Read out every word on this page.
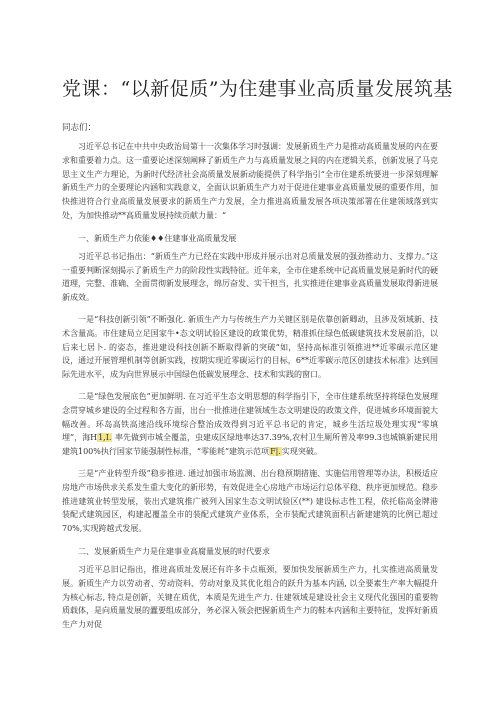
党课：“以新促质”为住建事业高质量发展筑基

同志们：

习近平总书记在中共中央政治局第十一次集体学习时强调：发展新质生产力是推动高质量发展的内在要求和重要着力点。这一重要论述深刻阐释了新质生产力与高质量发展之间的内在逻辑关系，创新发展了马克思主义生产力理论，为新时代经济社会高质量发展新动能提供了科学指引“全市住建系统要进一步深刻理解新质生产力的全要理论内涵和实践意义，全面认识新质生产力对于促进住建事业高质量发展的重要作用，加快推进符合行业高质量发展要求的新质生产力发展，全力推进高质量发展各项决策部署在住建领域落到实处，为加快推动**高质量发展持续贡献力量：“

一、新质生产力依能♦♦住建事业高质量发展

习近平总书记指出：“新质生产力已经在实践中形成并展示出对总质量发展的强劲推动力、支撑力。”这一重要判断深刻揭示了新质生产力的阶段性实践特征。近年来，全市住建系统中记高质量发展是新时代的硬道理，完整、准确、全面贯彻新发展理念，绵厉奋发、实干担当，扎实推进住建事业高质量发展取得新进展新成效。

一是“科技创新引领”不断强化. 新质生产力与传统生产力关键区别是依靠创新卿动，且涉及领域新、技术含量高。市住建局立足国家牛•态文明试验区建设的政策优势，精准抓住绿色低碳建筑技术发展前沿，以后来七居卜. 的姿态，推进建设科技创新不断取得新的突破“如，坚持高标准引领推进**近零碳示范区建设，通过开展管理机制等创新实践，按期实现近零碳运行的目标，6**近零碳示范区创建技术标准》达到国际先进水平，成为向世界展示中国绿色低碳发展理念、技术和实践的窗口。

二是“绿色发展底色”更加鲜明. 在习近平生态文明思想的科学指引下，全市住建系统坚持将绿色发展理念贯穿城乡建设的全过程和各方面，出台一批推进住建领域生态文明建设的政策文件，促进城乡环境面貌大幅改善。环岛高铁高速沿线环境综合整治成效得到习近平总书记的肯定，城乡生活垃圾处理实现“零填埋”，海H1,I. 率先做到市城全覆盖，虫建成区绿地率达37.39%,农村卫生厕所普及率99.3也城镇新建民用建筑100%执行国家节能强制性标准，“零能耗”建筑示范项F|.实现突破。

三是“产业转型升级”稳步推进. 通过加强市场监测、出台稳预期措施、实施信用管理等办法，积极适应房地产市场供求关系发生重大变化的新形势，有效促进全心房地产市场运行总体平稳、秩序更加规范。稳步推进建筑业转型发展，装出式建筑推广被列入国家生态文明试验区(**) 建设标志性工程，依托临高金牌港装配式建筑园区，构建起覆盖全市的装配式建筑产业体系，全市装配式建筑面积占新建建筑的比例已超过70%,实现跨越式发展。

二、发展新质生产力是住建事业高腐量发展的时代要求

习近平总旧记指出，推进高质址发展还有许多卡点瓶颈，要加快发展新质生产力，扎实推进高质量发展。新质生产力以劳动者、劳动资料、劳动对象及其优化组合的跃升为基本内涵, 以全要素生产率大幅提升为核心标志, 特点是创新，关键在质优，本质是先进生产力. 住建领域是建设社会主义现代化强国的重要物质载体，是向质量发展的蠹要组成部分，务必深入领会把握新质生产力的鞋本内涵和主要特征，发挥好新质生产力对促
